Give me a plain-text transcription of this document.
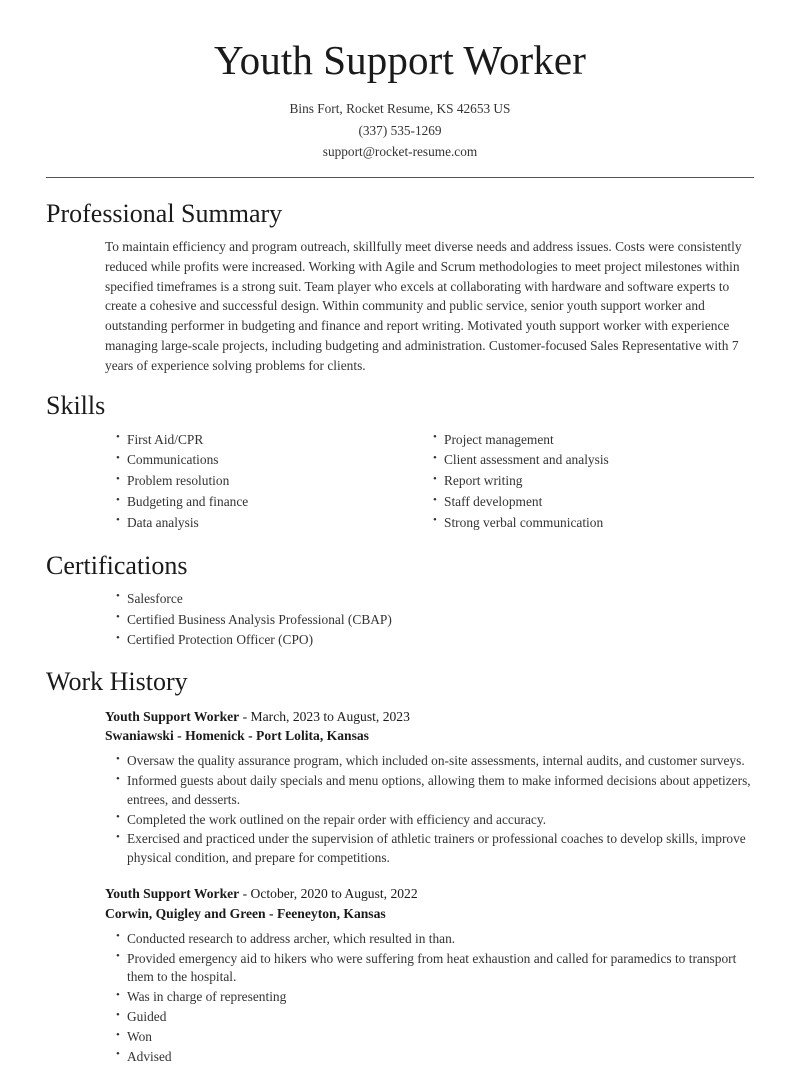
Youth Support Worker
Bins Fort, Rocket Resume, KS 42653 US
(337) 535-1269
support@rocket-resume.com
Professional Summary

To maintain efficiency and program outreach, skillfully meet diverse needs and address issues. Costs were consistently reduced while profits were increased. Working with Agile and Scrum methodologies to meet project milestones within specified timeframes is a strong suit. Team player who excels at collaborating with hardware and software experts to create a cohesive and successful design. Within community and public service, senior youth support worker and outstanding performer in budgeting and finance and report writing. Motivated youth support worker with experience managing large-scale projects, including budgeting and administration. Customer-focused Sales Representative with 7 years of experience solving problems for clients.

Skills
• First Aid/CPR
• Communications
• Problem resolution
• Budgeting and finance
• Data analysis
• Project management
• Client assessment and analysis
• Report writing
• Staff development
• Strong verbal communication
Certifications
• Salesforce
• Certified Business Analysis Professional (CBAP)
• Certified Protection Officer (CPO)
Work History
Youth Support Worker - March, 2023 to August, 2023
Swaniawski - Homenick - Port Lolita, Kansas
• Oversaw the quality assurance program, which included on-site assessments, internal audits, and customer surveys.
• Informed guests about daily specials and menu options, allowing them to make informed decisions about appetizers, entrees, and desserts.
• Completed the work outlined on the repair order with efficiency and accuracy.
• Exercised and practiced under the supervision of athletic trainers or professional coaches to develop skills, improve physical condition, and prepare for competitions.
Youth Support Worker - October, 2020 to August, 2022
Corwin, Quigley and Green - Feeneyton, Kansas
• Conducted research to address archer, which resulted in than.
• Provided emergency aid to hikers who were suffering from heat exhaustion and called for paramedics to transport them to the hospital.
• Was in charge of representing
• Guided
• Won
• Advised
